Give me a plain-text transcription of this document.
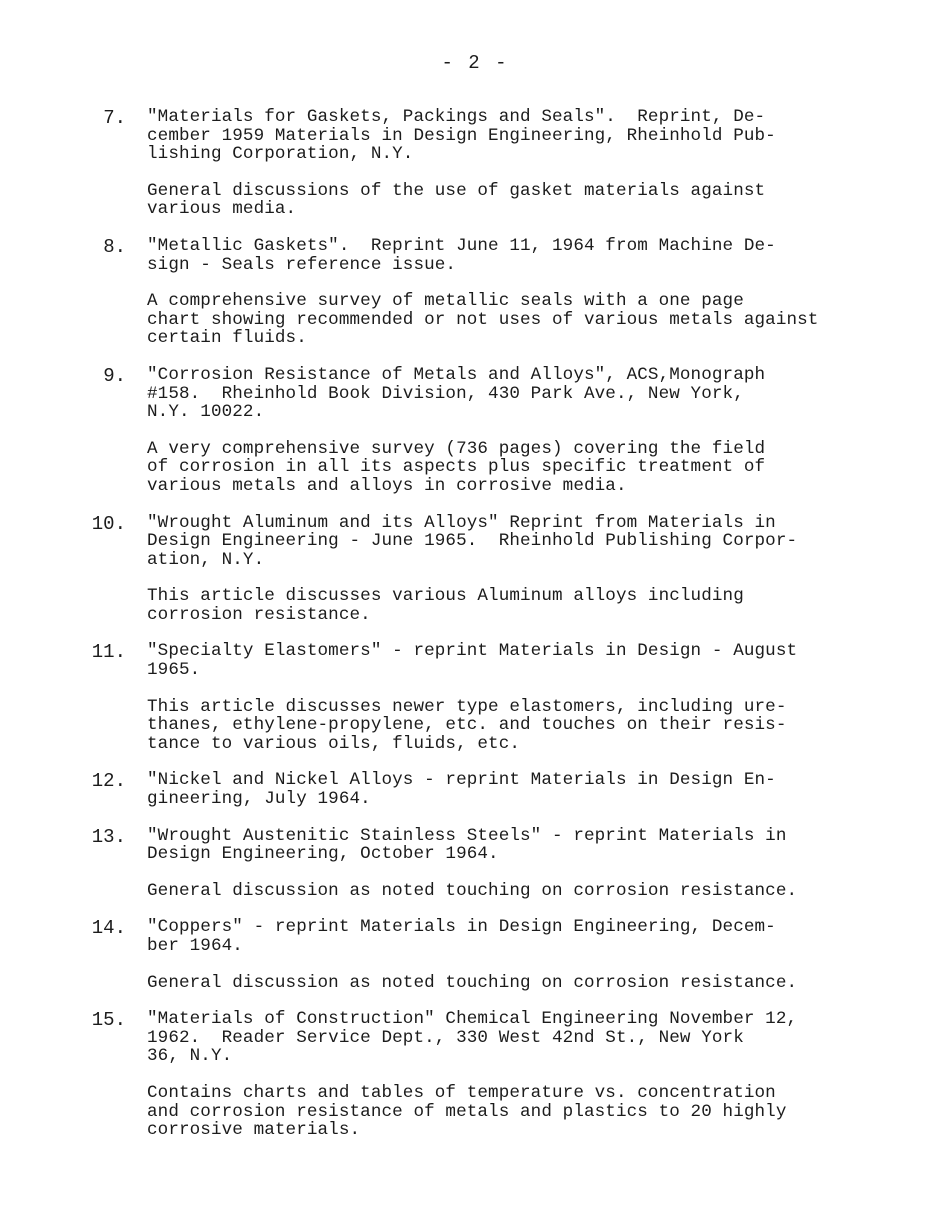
- 2 -
7. "Materials for Gaskets, Packings and Seals".  Reprint, De-
cember 1959 Materials in Design Engineering, Rheinhold Pub-
lishing Corporation, N.Y.
General discussions of the use of gasket materials against
various media.
8. "Metallic Gaskets".  Reprint June 11, 1964 from Machine De-
sign - Seals reference issue.
A comprehensive survey of metallic seals with a one page
chart showing recommended or not uses of various metals against
certain fluids.
9. "Corrosion Resistance of Metals and Alloys", ACS,Monograph
#158.  Rheinhold Book Division, 430 Park Ave., New York,
N.Y. 10022.
A very comprehensive survey (736 pages) covering the field
of corrosion in all its aspects plus specific treatment of
various metals and alloys in corrosive media.
10. "Wrought Aluminum and its Alloys" Reprint from Materials in
Design Engineering - June 1965.  Rheinhold Publishing Corpor-
ation, N.Y.
This article discusses various Aluminum alloys including
corrosion resistance.
11. "Specialty Elastomers" - reprint Materials in Design - August
1965.
This article discusses newer type elastomers, including ure-
thanes, ethylene-propylene, etc. and touches on their resis-
tance to various oils, fluids, etc.
12. "Nickel and Nickel Alloys - reprint Materials in Design En-
gineering, July 1964.
13. "Wrought Austenitic Stainless Steels" - reprint Materials in
Design Engineering, October 1964.
General discussion as noted touching on corrosion resistance.
14. "Coppers" - reprint Materials in Design Engineering, Decem-
ber 1964.
General discussion as noted touching on corrosion resistance.
15. "Materials of Construction" Chemical Engineering November 12,
1962.  Reader Service Dept., 330 West 42nd St., New York
36, N.Y.
Contains charts and tables of temperature vs. concentration
and corrosion resistance of metals and plastics to 20 highly
corrosive materials.
